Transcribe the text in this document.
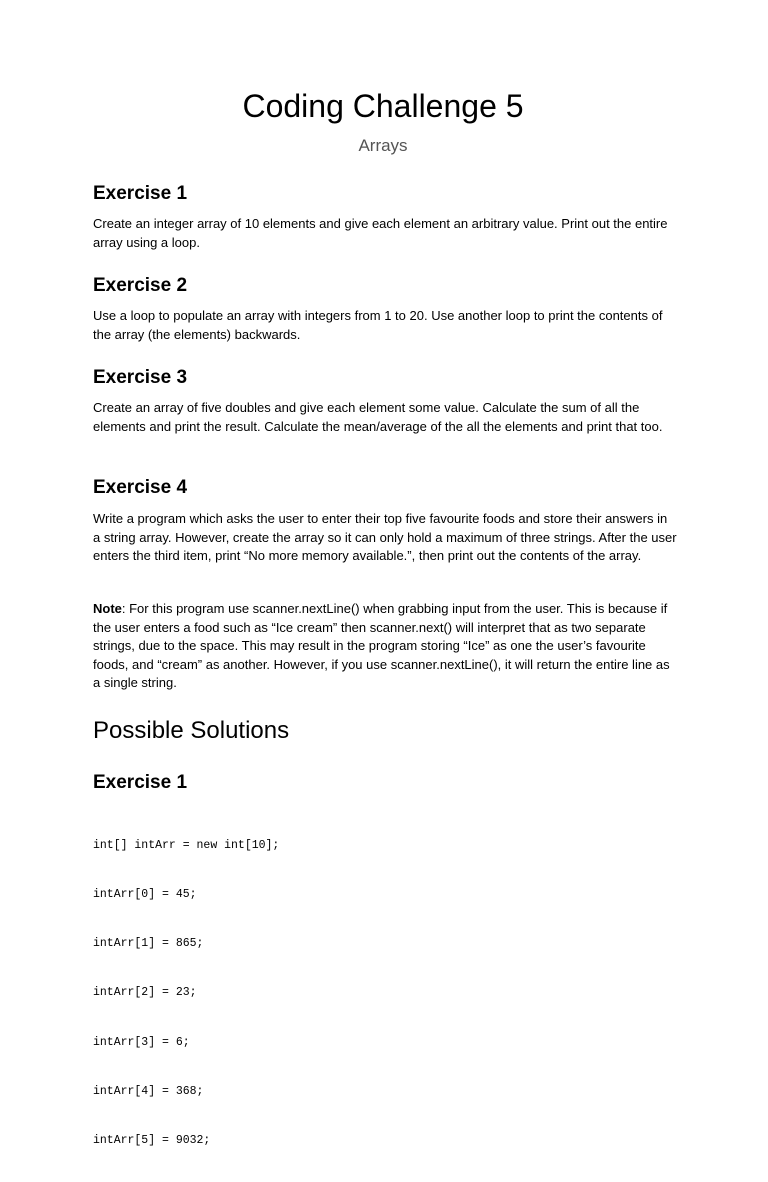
Coding Challenge 5
Arrays
Exercise 1

Create an integer array of 10 elements and give each element an arbitrary value. Print out the entire array using a loop.

Exercise 2

Use a loop to populate an array with integers from 1 to 20. Use another loop to print the contents of the array (the elements) backwards.

Exercise 3

Create an array of five doubles and give each element some value. Calculate the sum of all the elements and print the result. Calculate the mean/average of the all the elements and print that too.

Exercise 4

Write a program which asks the user to enter their top five favourite foods and store their answers in a string array. However, create the array so it can only hold a maximum of three strings. After the user enters the third item, print “No more memory available.”, then print out the contents of the array.

Note: For this program use scanner.nextLine() when grabbing input from the user. This is because if the user enters a food such as “Ice cream” then scanner.next() will interpret that as two separate strings, due to the space. This may result in the program storing “Ice” as one the user’s favourite foods, and “cream” as another. However, if you use scanner.nextLine(), it will return the entire line as a single string.

Possible Solutions
Exercise 1

int[] intArr = new int[10];

intArr[0] = 45;

intArr[1] = 865;

intArr[2] = 23;

intArr[3] = 6;

intArr[4] = 368;

intArr[5] = 9032;
